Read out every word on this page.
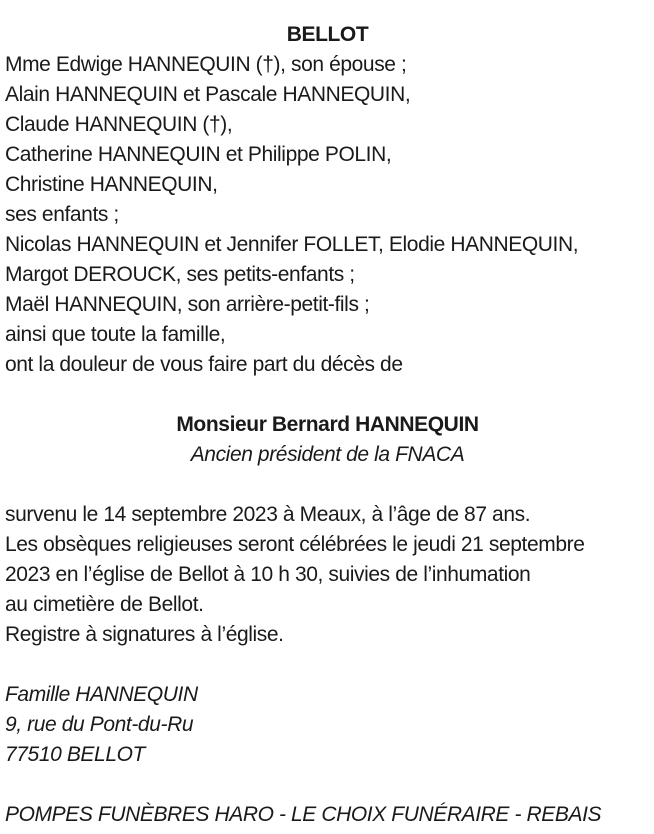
BELLOT
Mme Edwige HANNEQUIN (†), son épouse ;
Alain HANNEQUIN et Pascale HANNEQUIN,
Claude HANNEQUIN (†),
Catherine HANNEQUIN et Philippe POLIN,
Christine HANNEQUIN,
ses enfants ;
Nicolas HANNEQUIN et Jennifer FOLLET, Elodie HANNEQUIN,
Margot DEROUCK, ses petits-enfants ;
Maël HANNEQUIN, son arrière-petit-fils ;
ainsi que toute la famille,
ont la douleur de vous faire part du décès de
Monsieur Bernard HANNEQUIN
Ancien président de la FNACA
survenu le 14 septembre 2023 à Meaux, à l’âge de 87 ans.
Les obsèques religieuses seront célébrées le jeudi 21 septembre
2023 en l’église de Bellot à 10 h 30, suivies de l’inhumation
au cimetière de Bellot.
Registre à signatures à l’église.
Famille HANNEQUIN
9, rue du Pont-du-Ru
77510 BELLOT
POMPES FUNÈBRES HARO - LE CHOIX FUNÉRAIRE - REBAIS
